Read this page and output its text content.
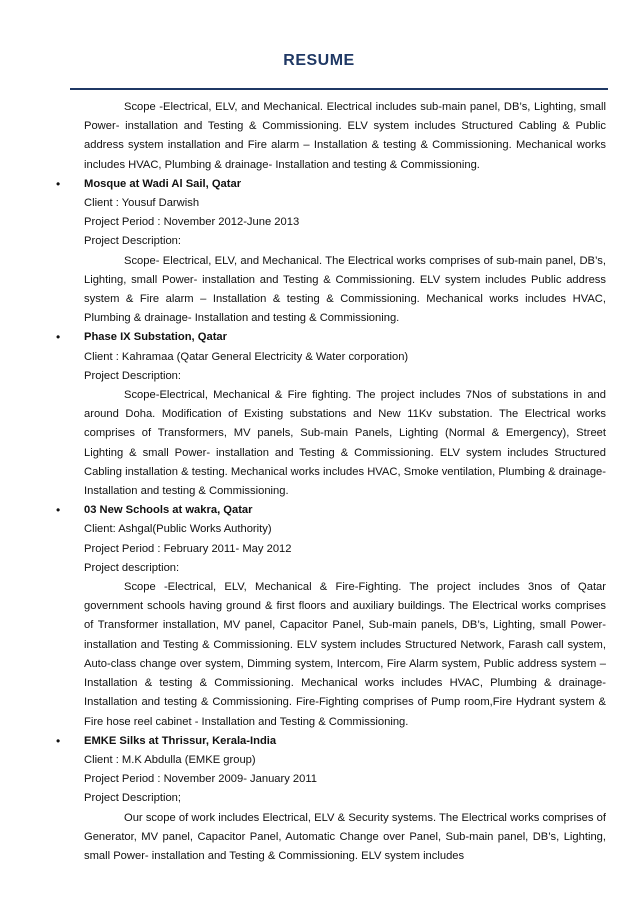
RESUME

Scope -Electrical, ELV, and Mechanical. Electrical includes sub-main panel, DB’s, Lighting, small Power- installation and Testing & Commissioning. ELV system includes Structured Cabling & Public address system installation and Fire alarm – Installation & testing & Commissioning. Mechanical works includes HVAC, Plumbing & drainage- Installation and testing & Commissioning.

•	Mosque at Wadi Al Sail, Qatar

Client : Yousuf Darwish

Project Period : November 2012-June 2013

Project Description:

Scope- Electrical, ELV, and Mechanical. The Electrical works comprises of sub-main panel, DB’s, Lighting, small Power- installation and Testing & Commissioning. ELV system includes Public address system & Fire alarm – Installation & testing & Commissioning. Mechanical works includes HVAC, Plumbing & drainage- Installation and testing & Commissioning.

•	Phase IX Substation, Qatar

Client : Kahramaa (Qatar General Electricity & Water corporation)

Project Description:

Scope-Electrical, Mechanical & Fire fighting. The project includes 7Nos of substations in and around Doha. Modification of Existing substations and New 11Kv substation. The Electrical works comprises of Transformers, MV panels, Sub-main Panels, Lighting (Normal & Emergency), Street Lighting & small Power- installation and Testing & Commissioning. ELV system includes Structured Cabling installation & testing. Mechanical works includes HVAC, Smoke ventilation, Plumbing & drainage- Installation and testing & Commissioning.

•	03 New Schools at wakra, Qatar

Client: Ashgal(Public Works Authority)

Project Period : February 2011- May 2012

Project description:

Scope -Electrical, ELV, Mechanical & Fire-Fighting. The project includes 3nos of Qatar government schools having ground & first floors and auxiliary buildings. The Electrical works comprises of Transformer installation, MV panel, Capacitor Panel, Sub-main panels, DB’s, Lighting, small Power- installation and Testing & Commissioning. ELV system includes Structured Network, Farash call system, Auto-class change over system, Dimming system, Intercom, Fire Alarm system, Public address system – Installation & testing & Commissioning. Mechanical works includes HVAC, Plumbing & drainage- Installation and testing & Commissioning. Fire-Fighting comprises of Pump room,Fire Hydrant system & Fire hose reel cabinet - Installation and Testing & Commissioning.

•	EMKE Silks at Thrissur, Kerala-India

Client : M.K Abdulla (EMKE group)

Project Period : November 2009- January 2011

Project Description;

Our scope of work includes Electrical, ELV & Security systems. The Electrical works comprises of Generator, MV panel, Capacitor Panel, Automatic Change over Panel, Sub-main panel, DB’s, Lighting, small Power- installation and Testing & Commissioning. ELV system includes
